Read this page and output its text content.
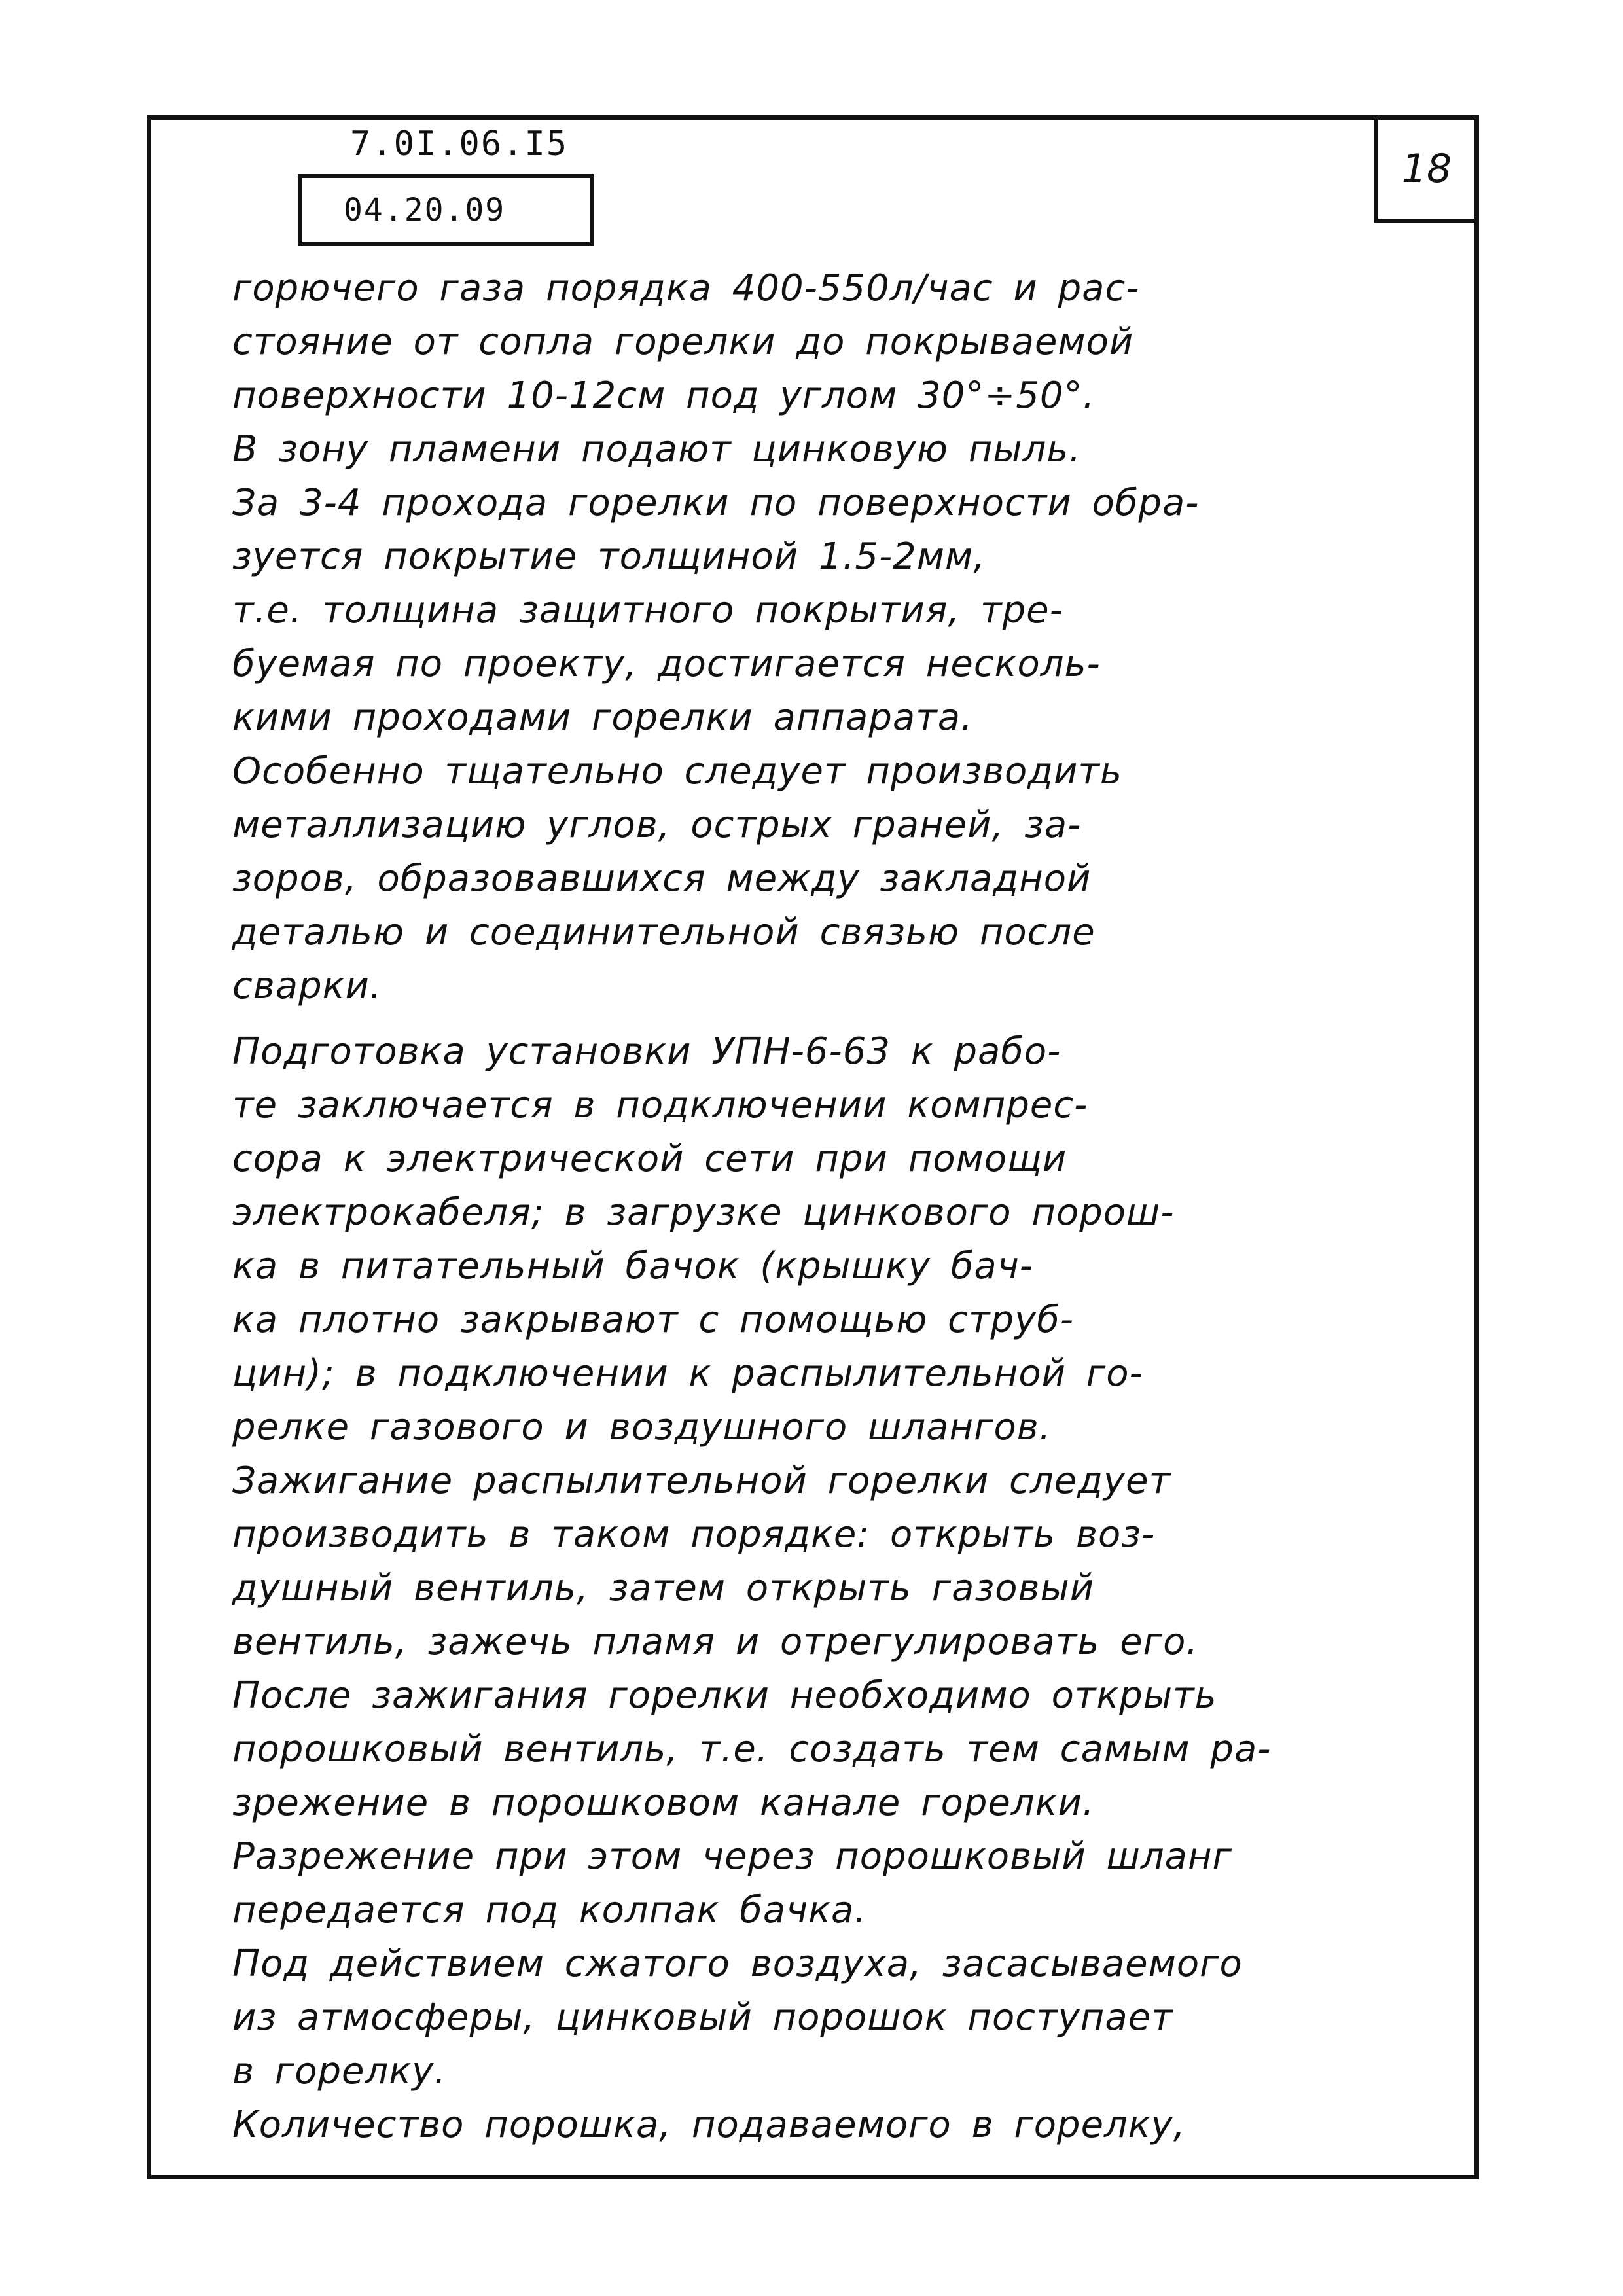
7.0I.06.I5
04.20.09
18
горючего газа порядка 400-550л/час и рас-
стояние от сопла горелки до покрываемой
поверхности 10-12см под углом 30°÷50°.
В зону пламени подают цинковую пыль.
За 3-4 прохода горелки по поверхности обра-
зуется покрытие толщиной 1.5-2мм,
т.е. толщина защитного покрытия, тре-
буемая по проекту, достигается несколь-
кими проходами горелки аппарата.
Особенно тщательно следует производить
металлизацию углов, острых граней, за-
зоров, образовавшихся между закладной
деталью и соединительной связью после
сварки.
Подготовка установки УПН-6-63 к рабо-
те заключается в подключении компрес-
сора к электрической сети при помощи
электрокабеля; в загрузке цинкового порош-
ка в питательный бачок (крышку бач-
ка плотно закрывают с помощью струб-
цин); в подключении к распылительной го-
релке газового и воздушного шлангов.
Зажигание распылительной горелки следует
производить в таком порядке: открыть воз-
душный вентиль, затем открыть газовый
вентиль, зажечь пламя и отрегулировать его.
После зажигания горелки необходимо открыть
порошковый вентиль, т.е. создать тем самым ра-
зрежение в порошковом канале горелки.
Разрежение при этом через порошковый шланг
передается под колпак бачка.
Под действием сжатого воздуха, засасываемого
из атмосферы, цинковый порошок поступает
в горелку.
Количество порошка, подаваемого в горелку,
